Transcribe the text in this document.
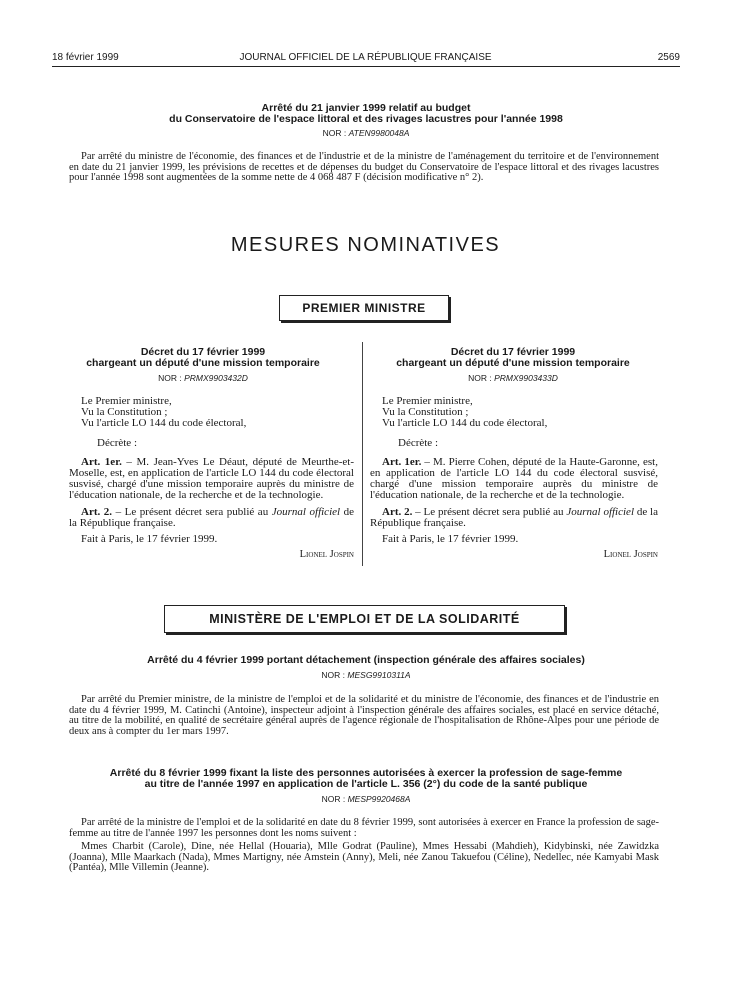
18 février 1999	JOURNAL OFFICIEL DE LA RÉPUBLIQUE FRANÇAISE	2569
Arrêté du 21 janvier 1999 relatif au budget
du Conservatoire de l'espace littoral et des rivages lacustres pour l'année 1998
NOR : ATEN9980048A
Par arrêté du ministre de l'économie, des finances et de l'industrie et de la ministre de l'aménagement du territoire et de l'environnement en date du 21 janvier 1999, les prévisions de recettes et de dépenses du budget du Conservatoire de l'espace littoral et des rivages lacustres pour l'année 1998 sont augmentées de la somme nette de 4 068 487 F (décision modificative n° 2).
MESURES NOMINATIVES
PREMIER MINISTRE
Décret du 17 février 1999
chargeant un député d'une mission temporaire
NOR : PRMX9903432D

Le Premier ministre,

Vu la Constitution ;

Vu l'article LO 144 du code électoral,

Décrète :

Art. 1er. – M. Jean-Yves Le Déaut, député de Meurthe-et-Moselle, est, en application de l'article LO 144 du code électoral susvisé, chargé d'une mission temporaire auprès du ministre de l'éducation nationale, de la recherche et de la technologie.

Art. 2. – Le présent décret sera publié au Journal officiel de la République française.

Fait à Paris, le 17 février 1999.

Lionel Jospin

Décret du 17 février 1999
chargeant un député d'une mission temporaire
NOR : PRMX9903433D

Le Premier ministre,

Vu la Constitution ;

Vu l'article LO 144 du code électoral,

Décrète :

Art. 1er. – M. Pierre Cohen, député de la Haute-Garonne, est, en application de l'article LO 144 du code électoral susvisé, chargé d'une mission temporaire auprès du ministre de l'éducation nationale, de la recherche et de la technologie.

Art. 2. – Le présent décret sera publié au Journal officiel de la République française.

Fait à Paris, le 17 février 1999.

Lionel Jospin

MINISTÈRE DE L'EMPLOI ET DE LA SOLIDARITÉ
Arrêté du 4 février 1999 portant détachement (inspection générale des affaires sociales)
NOR : MESG9910311A
Par arrêté du Premier ministre, de la ministre de l'emploi et de la solidarité et du ministre de l'économie, des finances et de l'industrie en date du 4 février 1999, M. Catinchi (Antoine), inspecteur adjoint à l'inspection générale des affaires sociales, est placé en service détaché, au titre de la mobilité, en qualité de secrétaire général auprès de l'agence régionale de l'hospitalisation de Rhône-Alpes pour une période de deux ans à compter du 1er mars 1997.
Arrêté du 8 février 1999 fixant la liste des personnes autorisées à exercer la profession de sage-femme
au titre de l'année 1997 en application de l'article L. 356 (2°) du code de la santé publique
NOR : MESP9920468A
Par arrêté de la ministre de l'emploi et de la solidarité en date du 8 février 1999, sont autorisées à exercer en France la profession de sage-femme au titre de l'année 1997 les personnes dont les noms suivent :
Mmes Charbit (Carole), Dine, née Hellal (Houaria), Mlle Godrat (Pauline), Mmes Hessabi (Mahdieh), Kidybinski, née Zawidzka (Joanna), Mlle Maarkach (Nada), Mmes Martigny, née Amstein (Anny), Meli, née Zanou Takuefou (Céline), Nedellec, née Kamyabi Mask (Pantéa), Mlle Villemin (Jeanne).
